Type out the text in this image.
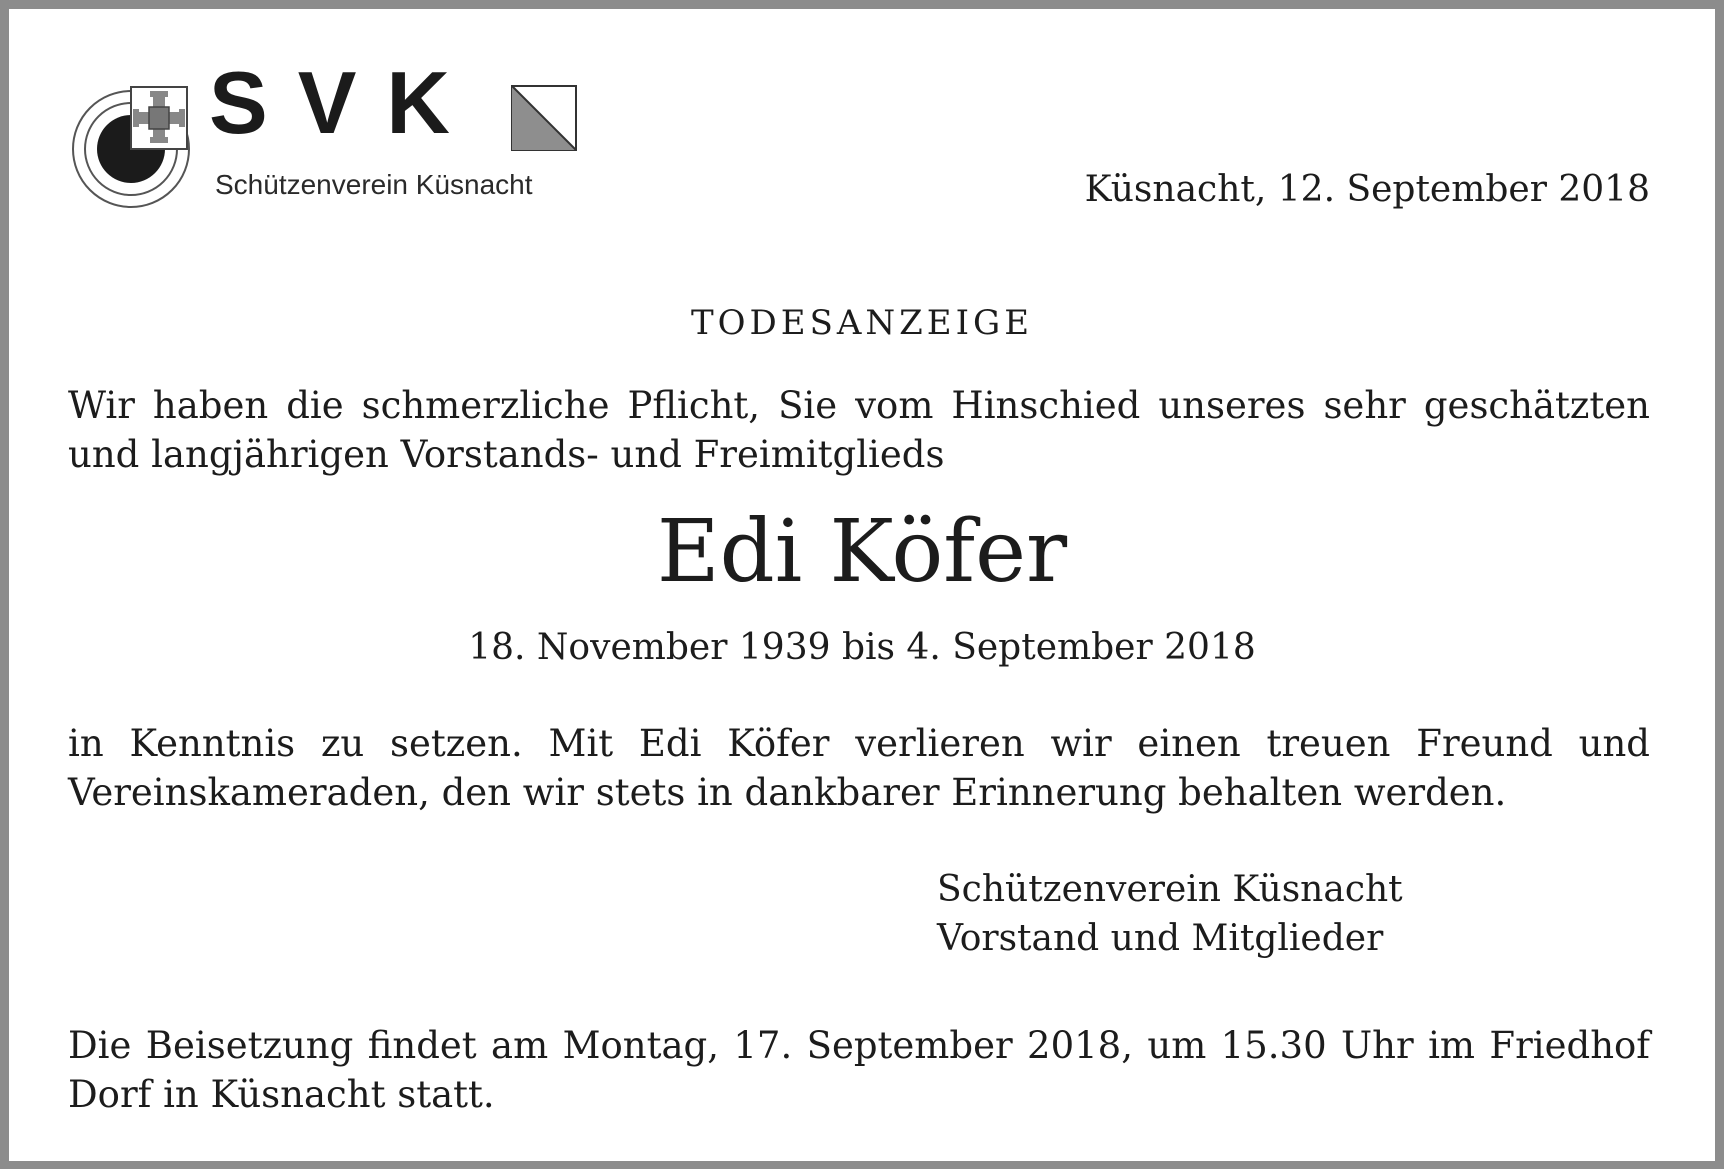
SVK
Schützenverein Küsnacht	Küsnacht, 12. September 2018
TODESANZEIGE

Wir haben die schmerzliche Pflicht, Sie vom Hinschied unseres sehr geschätzten und langjährigen Vorstands- und Freimitglieds

Edi Köfer
18. November 1939 bis 4. September 2018

in Kenntnis zu setzen. Mit Edi Köfer verlieren wir einen treuen Freund und Vereinskameraden, den wir stets in dankbarer Erinnerung behalten werden.

Schützenverein Küsnacht
Vorstand und Mitglieder

Die Beisetzung findet am Montag, 17. September 2018, um 15.30 Uhr im Friedhof Dorf in Küsnacht statt.
